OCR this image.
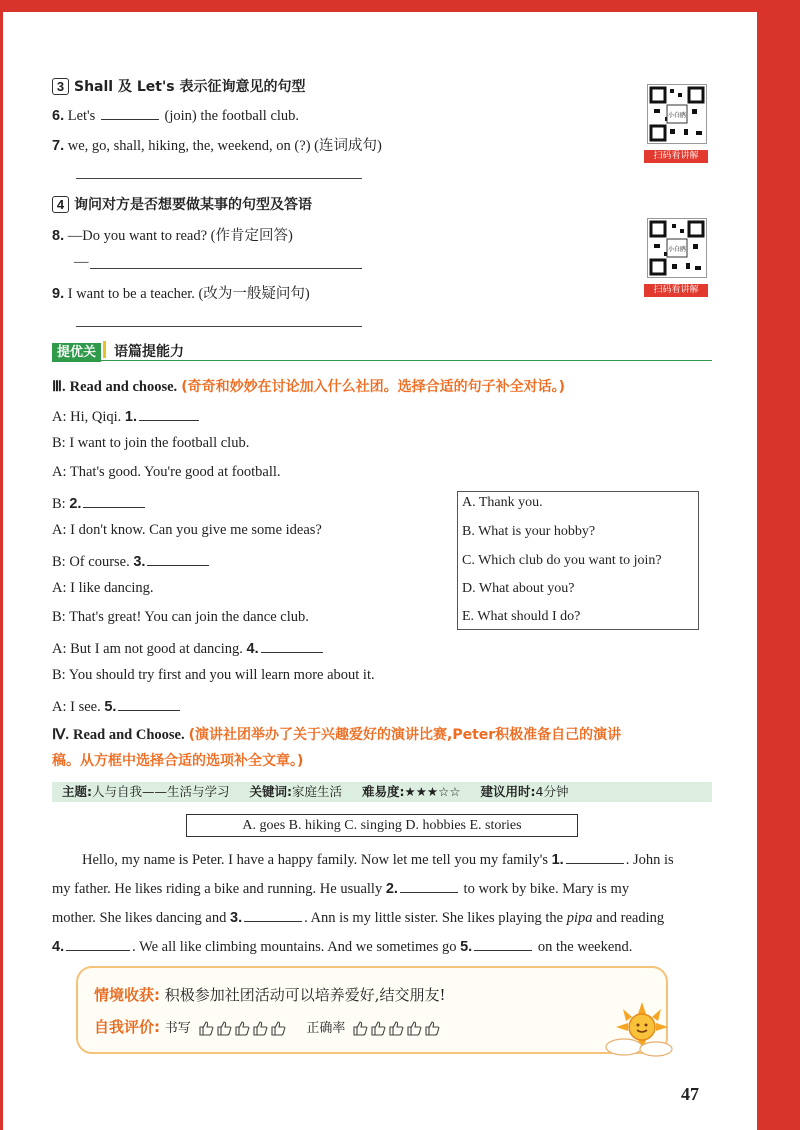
3 Shall 及 Let's 表示征询意见的句型
6. Let's	(join) the football club.
7. we, go, shall, hiking, the, weekend, on (?) (连词成句)
小白鸥
扫码看讲解
4 询问对方是否想要做某事的句型及答语
8. —Do you want to read? (作肯定回答)
—
9. I want to be a teacher. (改为一般疑问句)
小白鸥
扫码看讲解
提优关 语篇提能力
Ⅲ. Read and choose. (奇奇和妙妙在讨论加入什么社团。选择合适的句子补全对话。)
A: Hi, Qiqi. 1.
B: I want to join the football club.
A: That's good. You're good at football.
B: 2.
A: I don't know. Can you give me some ideas?
B: Of course. 3.
A: I like dancing.
B: That's great! You can join the dance club.
A: But I am not good at dancing. 4.
B: You should try first and you will learn more about it.
A: I see. 5.
A. Thank you.
B. What is your hobby?
C. Which club do you want to join?
D. What about you?
E. What should I do?
Ⅳ. Read and Choose. (演讲社团举办了关于兴趣爱好的演讲比赛,Peter积极准备自己的演讲
稿。从方框中选择合适的选项补全文章。)
主题:人与自我——生活与学习 关键词:家庭生活 难易度:★★★☆☆ 建议用时:4分钟
A. goes B. hiking C. singing D. hobbies E. stories
Hello, my name is Peter. I have a happy family. Now let me tell you my family's 1.	. John is
my father. He likes riding a bike and running. He usually 2.	to work by bike. Mary is my
mother. She likes dancing and 3.	. Ann is my little sister. She likes playing the pipa and reading
4.	. We all like climbing mountains. And we sometimes go 5.	on the weekend.
情境收获: 积极参加社团活动可以培养爱好,结交朋友!
自我评价: 书写	正确率
47
